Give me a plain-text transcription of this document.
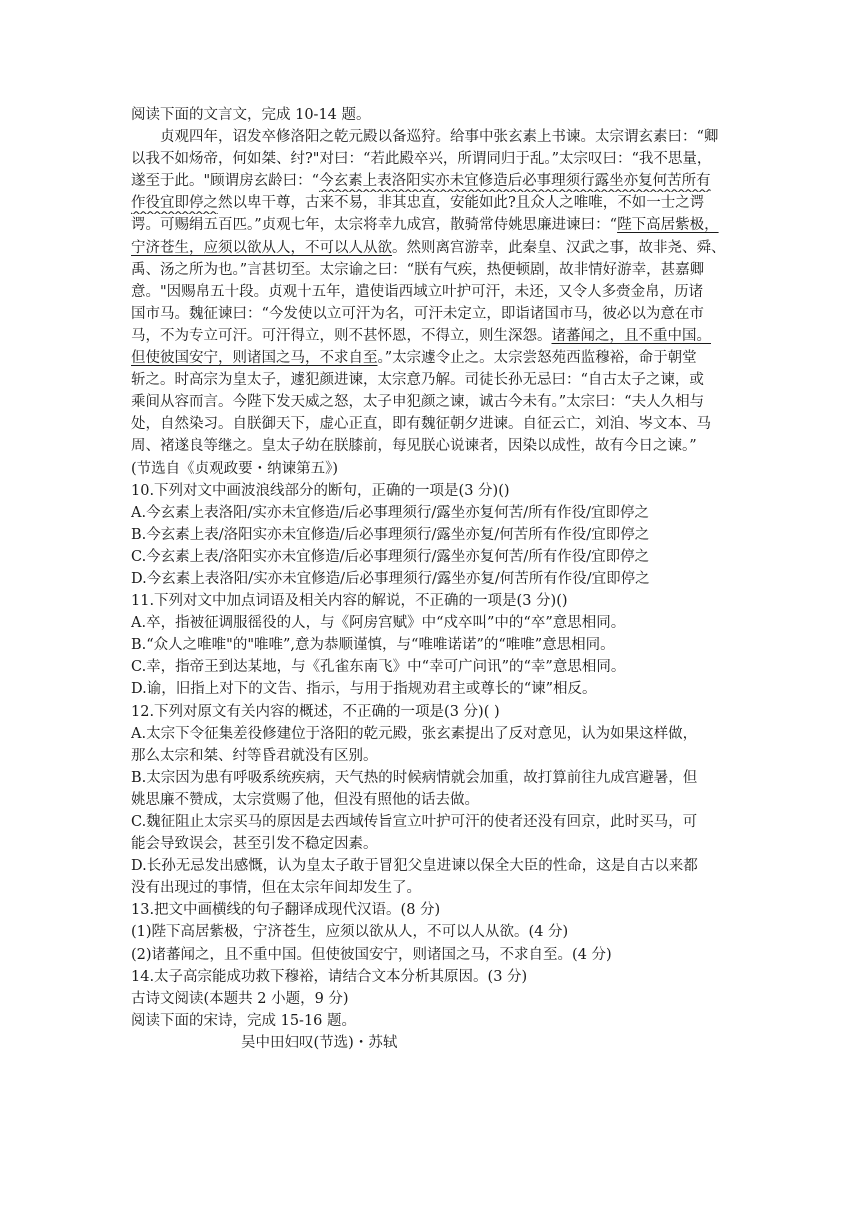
阅读下面的文言文，完成 10-14 题。
贞观四年，诏发卒修洛阳之乾元殿以备巡狩。给事中张玄素上书谏。太宗谓玄素曰：“卿
以我不如炀帝，何如桀、纣?"对曰：“若此殿卒兴，所谓同归于乱。”太宗叹曰：“我不思量，
遂至于此。"顾谓房玄龄曰：“今玄素上表洛阳实亦未宜修造后必事理须行露坐亦复何苦所有
作役宜即停之然以卑干尊，古来不易，非其忠直，安能如此?且众人之唯唯，不如一士之谔
谔。可赐绢五百匹。”贞观七年，太宗将幸九成宫，散骑常侍姚思廉进谏曰：“陛下高居紫极，
宁济苍生，应须以欲从人，不可以人从欲。然则离宫游幸，此秦皇、汉武之事，故非尧、舜、
禹、汤之所为也。”言甚切至。太宗谕之曰：“朕有气疾，热便顿剧，故非情好游幸，甚嘉卿
意。"因赐帛五十段。贞观十五年，遣使诣西域立叶护可汗，未还，又令人多赍金帛，历诸
国市马。魏征谏曰：“今发使以立可汗为名，可汗未定立，即诣诸国市马，彼必以为意在市
马，不为专立可汗。可汗得立，则不甚怀恩，不得立，则生深怨。诸蕃闻之，且不重中国。
但使彼国安宁，则诸国之马，不求自至。”太宗遽令止之。太宗尝怒苑西监穆裕，命于朝堂
斩之。时高宗为皇太子，遽犯颜进谏，太宗意乃解。司徒长孙无忌曰：“自古太子之谏，或
乘间从容而言。今陛下发天威之怒，太子申犯颜之谏，诚古今未有。”太宗曰：“夫人久相与
处，自然染习。自朕御天下，虚心正直，即有魏征朝夕进谏。自征云亡，刘洎、岑文本、马
周、褚遂良等继之。皇太子幼在朕膝前，每见朕心说谏者，因染以成性，故有今日之谏。”
(节选自《贞观政要・纳谏第五》)
10.下列对文中画波浪线部分的断句，正确的一项是(3 分)()
A.今玄素上表洛阳/实亦未宜修造/后必事理须行/露坐亦复何苦/所有作役/宜即停之
B.今玄素上表/洛阳实亦未宜修造/后必事理须行/露坐亦复/何苦所有作役/宜即停之
C.今玄素上表/洛阳实亦未宜修造/后必事理须行/露坐亦复何苦/所有作役/宜即停之
D.今玄素上表洛阳/实亦未宜修造/后必事理须行/露坐亦复/何苦所有作役/宜即停之
11.下列对文中加点词语及相关内容的解说，不正确的一项是(3 分)()
A.卒，指被征调服徭役的人，与《阿房宫赋》中“戍卒叫”中的“卒”意思相同。
B.“众人之唯唯"的"唯唯”,意为恭顺谨慎，与“唯唯诺诺”的“唯唯”意思相同。
C.幸，指帝王到达某地，与《孔雀东南飞》中“幸可广问讯”的“幸”意思相同。
D.谕，旧指上对下的文告、指示，与用于指规劝君主或尊长的“谏”相反。
12.下列对原文有关内容的概述，不正确的一项是(3 分)( )
A.太宗下令征集差役修建位于洛阳的乾元殿，张玄素提出了反对意见，认为如果这样做，
那么太宗和桀、纣等昏君就没有区别。
B.太宗因为患有呼吸系统疾病，天气热的时候病情就会加重，故打算前往九成宫避暑，但
姚思廉不赞成，太宗赏赐了他，但没有照他的话去做。
C.魏征阻止太宗买马的原因是去西域传旨宣立叶护可汗的使者还没有回京，此时买马，可
能会导致误会，甚至引发不稳定因素。
D.长孙无忌发出感慨，认为皇太子敢于冒犯父皇进谏以保全大臣的性命，这是自古以来都
没有出现过的事情，但在太宗年间却发生了。
13.把文中画横线的句子翻译成现代汉语。(8 分)
(1)陛下高居紫极，宁济苍生，应须以欲从人，不可以人从欲。(4 分)
(2)诸蕃闻之，且不重中国。但使彼国安宁，则诸国之马，不求自至。(4 分)
14.太子高宗能成功救下穆裕，请结合文本分析其原因。(3 分)
古诗文阅读(本题共 2 小题，9 分)
阅读下面的宋诗，完成 15-16 题。
吴中田妇叹(节选)・苏轼
